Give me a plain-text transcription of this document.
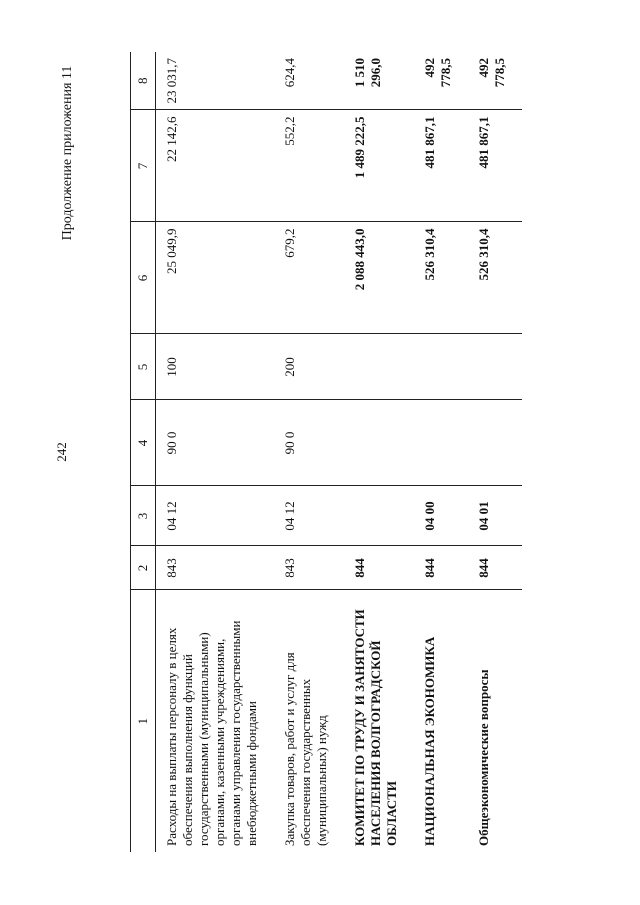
242
Продолжение приложения 11
1	2	3	4	5	6	7	8
Расходы на выплаты персоналу в целях обеспечения выполнения функций государственными (муниципальными) органами, казенными учреждениями, органами управления государственными внебюджетными фондами	843	04 12	90 0	100	25 049,9	22 142,6	23 031,7
Закупка товаров, работ и услуг для обеспечения государственных (муниципальных) нужд	843	04 12	90 0	200	679,2	552,2	624,4
КОМИТЕТ ПО ТРУДУ И ЗАНЯТОСТИ НАСЕЛЕНИЯ ВОЛГОГРАДСКОЙ ОБЛАСТИ	844				2 088 443,0	1 489 222,5	1 510 296,0
НАЦИОНАЛЬНАЯ ЭКОНОМИКА	844	04 00			526 310,4	481 867,1	492 778,5
Общеэкономические вопросы	844	04 01			526 310,4	481 867,1	492 778,5
